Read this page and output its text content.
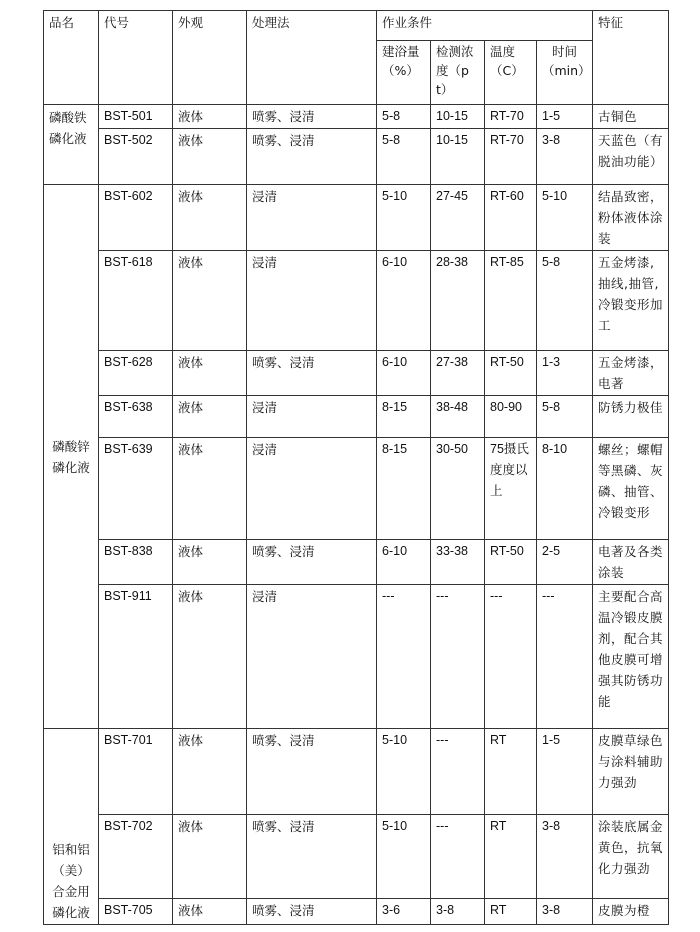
品名	代号	外观	处理法	作业条件				特征
				建浴量（%）	检测浓度（pt）	温度（C）	时间（min）	
磷酸铁磷化液	BST-501	液体	喷雾、浸清	5-8	10-15	RT-70	1-5	古铜色
	BST-502	液体	喷雾、浸清	5-8	10-15	RT-70	3-8	天蓝色（有脱油功能）
磷酸锌磷化液	BST-602	液体	浸清	5-10	27-45	RT-60	5-10	结晶致密，粉体液体涂装
	BST-618	液体	浸清	6-10	28-38	RT-85	5-8	五金烤漆,抽线,抽管,冷锻变形加工
	BST-628	液体	喷雾、浸清	6-10	27-38	RT-50	1-3	五金烤漆，电著
	BST-638	液体	浸清	8-15	38-48	80-90	5-8	防锈力极佳
	BST-639	液体	浸清	8-15	30-50	75摄氏度度以上	8-10	螺丝；螺帽等黑磷、灰磷、抽管、冷锻变形
	BST-838	液体	喷雾、浸清	6-10	33-38	RT-50	2-5	电著及各类涂装
	BST-911	液体	浸清	---	---	---	---	主要配合高温冷锻皮膜剂，配合其他皮膜可增强其防锈功能
铝和铝（美）合金用磷化液	BST-701	液体	喷雾、浸清	5-10	---	RT	1-5	皮膜草绿色与涂料辅助力强劲
	BST-702	液体	喷雾、浸清	5-10	---	RT	3-8	涂装底属金黄色，抗氧化力强劲
	BST-705	液体	喷雾、浸清	3-6	3-8	RT	3-8	皮膜为橙
